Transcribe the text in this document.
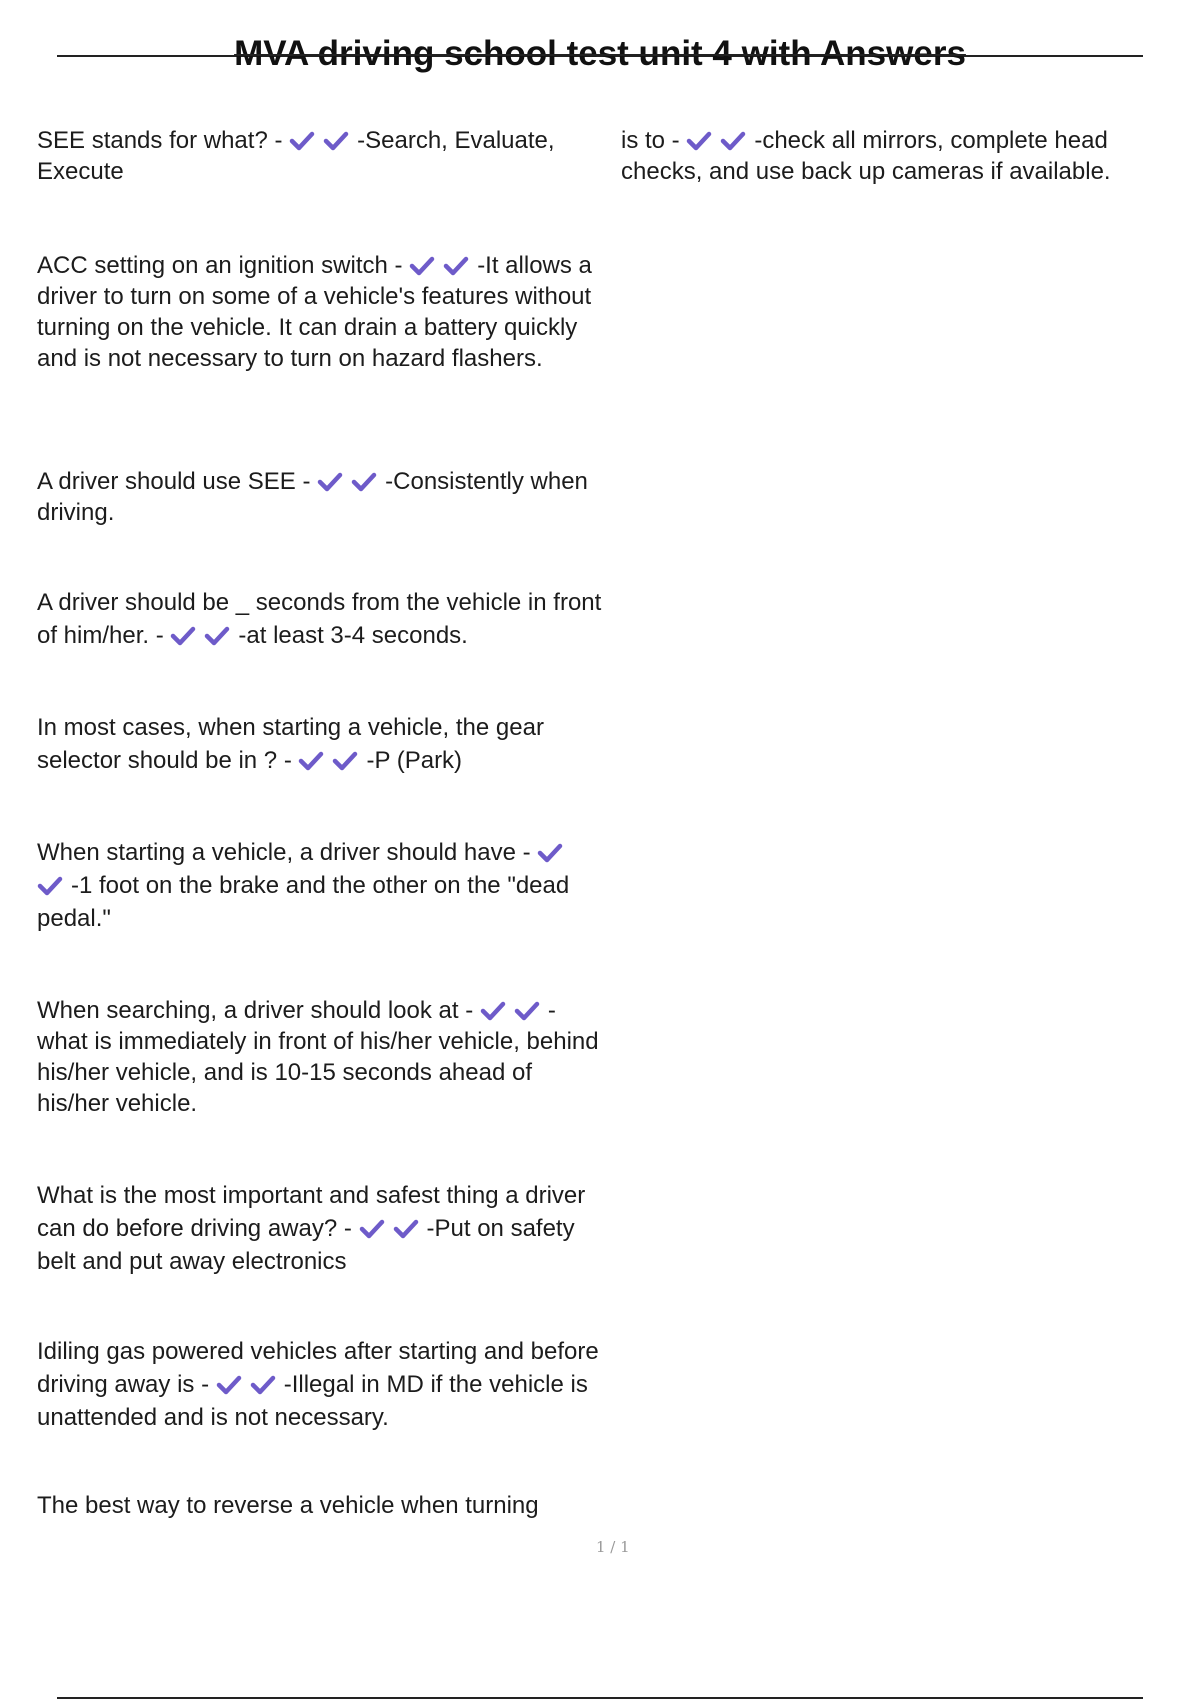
MVA driving school test unit 4 with Answers
SEE stands for what? -	-Search, Evaluate, Execute
ACC setting on an ignition switch -	-It allows a driver to turn on some of a vehicle's features without turning on the vehicle. It can drain a battery quickly and is not necessary to turn on hazard flashers.
A driver should use SEE -	-Consistently when driving.
A driver should be _ seconds from the vehicle in front of him/her. -	-at least 3-4 seconds.
In most cases, when starting a vehicle, the gear selector should be in ? -	-P (Park)
When starting a vehicle, a driver should have -
-1 foot on the brake and the other on the "dead pedal."
When searching, a driver should look at -	- what is immediately in front of his/her vehicle, behind his/her vehicle, and is 10-15 seconds ahead of his/her vehicle.
What is the most important and safest thing a driver can do before driving away? -	-Put on safety belt and put away electronics
Idiling gas powered vehicles after starting and before driving away is -	-Illegal in MD if the vehicle is unattended and is not necessary.
The best way to reverse a vehicle when turning
is to -	-check all mirrors, complete head checks, and use back up cameras if available.
1 / 1
